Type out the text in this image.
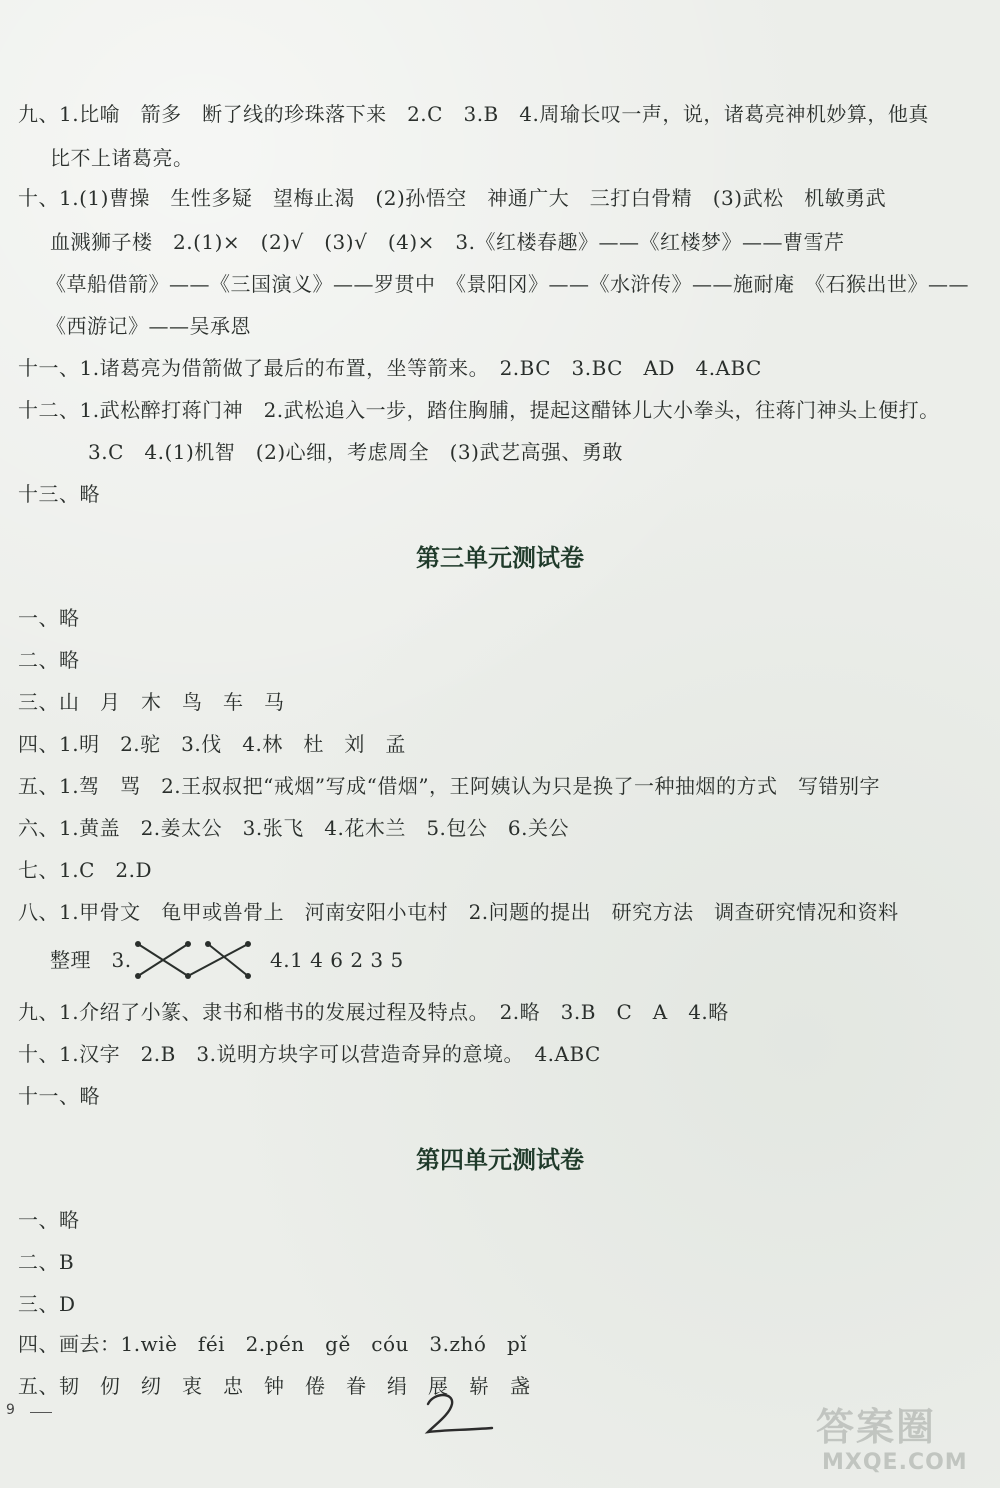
九、1.比喻　箭多　断了线的珍珠落下来　2.C　3.B　4.周瑜长叹一声，说，诸葛亮神机妙算，他真
比不上诸葛亮。
十、1.(1)曹操　生性多疑　望梅止渴　(2)孙悟空　神通广大　三打白骨精　(3)武松　机敏勇武
血溅狮子楼　2.(1)×　(2)√　(3)√　(4)×　3.《红楼春趣》——《红楼梦》——曹雪芹
《草船借箭》——《三国演义》——罗贯中　《景阳冈》——《水浒传》——施耐庵　《石猴出世》——
《西游记》——吴承恩
十一、1.诸葛亮为借箭做了最后的布置，坐等箭来。　2.BC　3.BC　AD　4.ABC
十二、1.武松醉打蒋门神　2.武松追入一步，踏住胸脯，提起这醋钵儿大小拳头，往蒋门神头上便打。
3.C　4.(1)机智　(2)心细，考虑周全　(3)武艺高强、勇敢
十三、略
第三单元测试卷
一、略
二、略
三、山　月　木　鸟　车　马
四、1.明　2.驼　3.伐　4.林　杜　刘　孟
五、1.驾　骂　2.王叔叔把“戒烟”写成“借烟”，王阿姨认为只是换了一种抽烟的方式　写错别字
六、1.黄盖　2.姜太公　3.张飞　4.花木兰　5.包公　6.关公
七、1.C　2.D
八、1.甲骨文　龟甲或兽骨上　河南安阳小屯村　2.问题的提出　研究方法　调查研究情况和资料
整理　3.	4.1 4 6 2 3 5
九、1.介绍了小篆、隶书和楷书的发展过程及特点。　2.略　3.B　C　A　4.略
十、1.汉字　2.B　3.说明方块字可以营造奇异的意境。　4.ABC
十一、略
第四单元测试卷
一、略
二、B
三、D
四、画去：1.wiè　féi　2.pén　gě　cóu　3.zhó　pǐ
五、韧　仞　纫　衷　忠　钟　倦　眷　绢　展　崭　盏
9	答案圈
MXQE.COM
